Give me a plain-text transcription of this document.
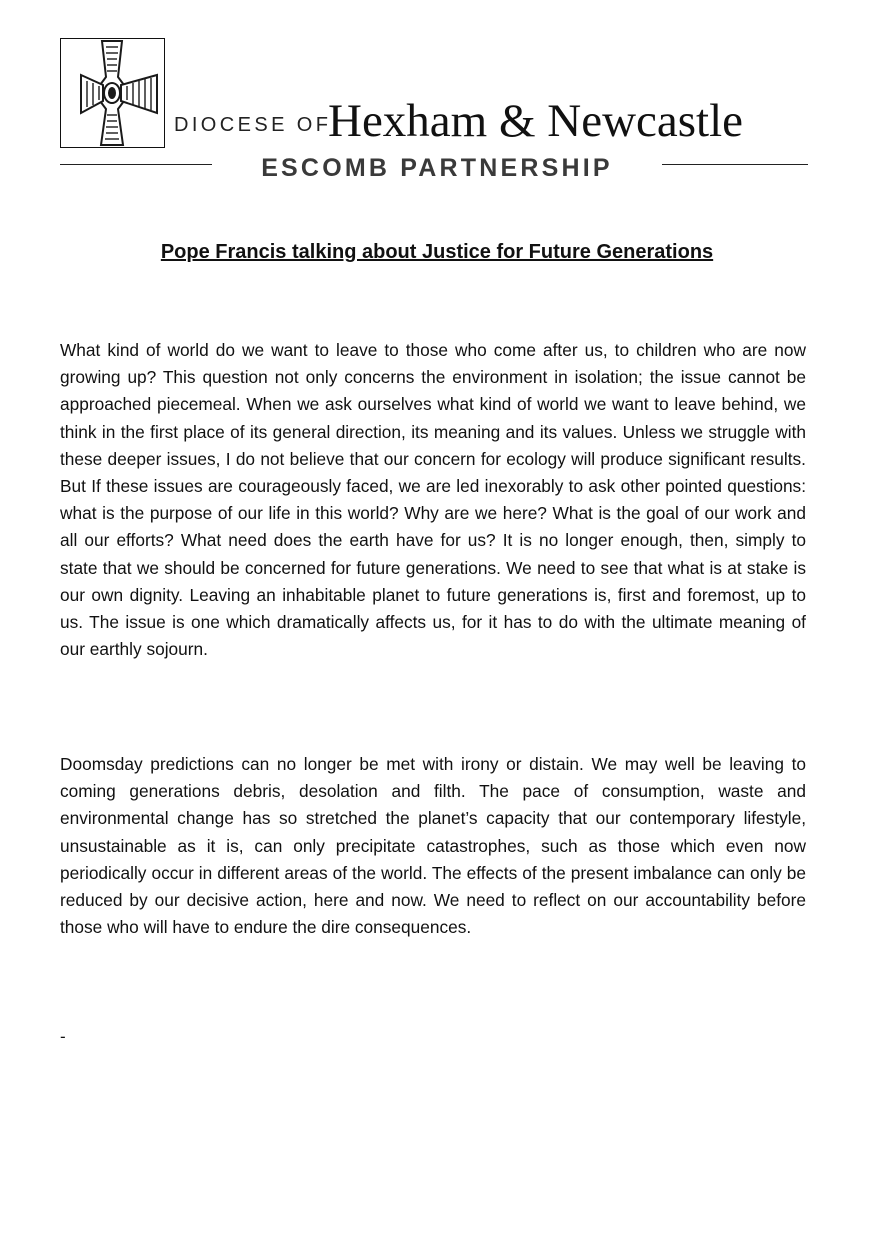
DIOCESE OF
Hexham & Newcastle
ESCOMB PARTNERSHIP
Pope Francis talking about Justice for Future Generations

What kind of world do we want to leave to those who come after us, to children who are now growing up? This question not only concerns the environment in isolation; the issue cannot be approached piecemeal. When we ask ourselves what kind of world we want to leave behind, we think in the first place of its general direction, its meaning and its values. Unless we struggle with these deeper issues, I do not believe that our concern for ecology will produce significant results. But If these issues are courageously faced, we are led inexorably to ask other pointed questions: what is the purpose of our life in this world? Why are we here? What is the goal of our work and all our efforts? What need does the earth have for us? It is no longer enough, then, simply to state that we should be concerned for future generations. We need to see that what is at stake is our own dignity. Leaving an inhabitable planet to future generations is, first and foremost, up to us. The issue is one which dramatically affects us, for it has to do with the ultimate meaning of our earthly sojourn.

Doomsday predictions can no longer be met with irony or distain. We may well be leaving to coming generations debris, desolation and filth. The pace of consumption, waste and environmental change has so stretched the planet’s capacity that our contemporary lifestyle, unsustainable as it is, can only precipitate catastrophes, such as those which even now periodically occur in different areas of the world. The effects of the present imbalance can only be reduced by our decisive action, here and now. We need to reflect on our accountability before those who will have to endure the dire consequences.

-
